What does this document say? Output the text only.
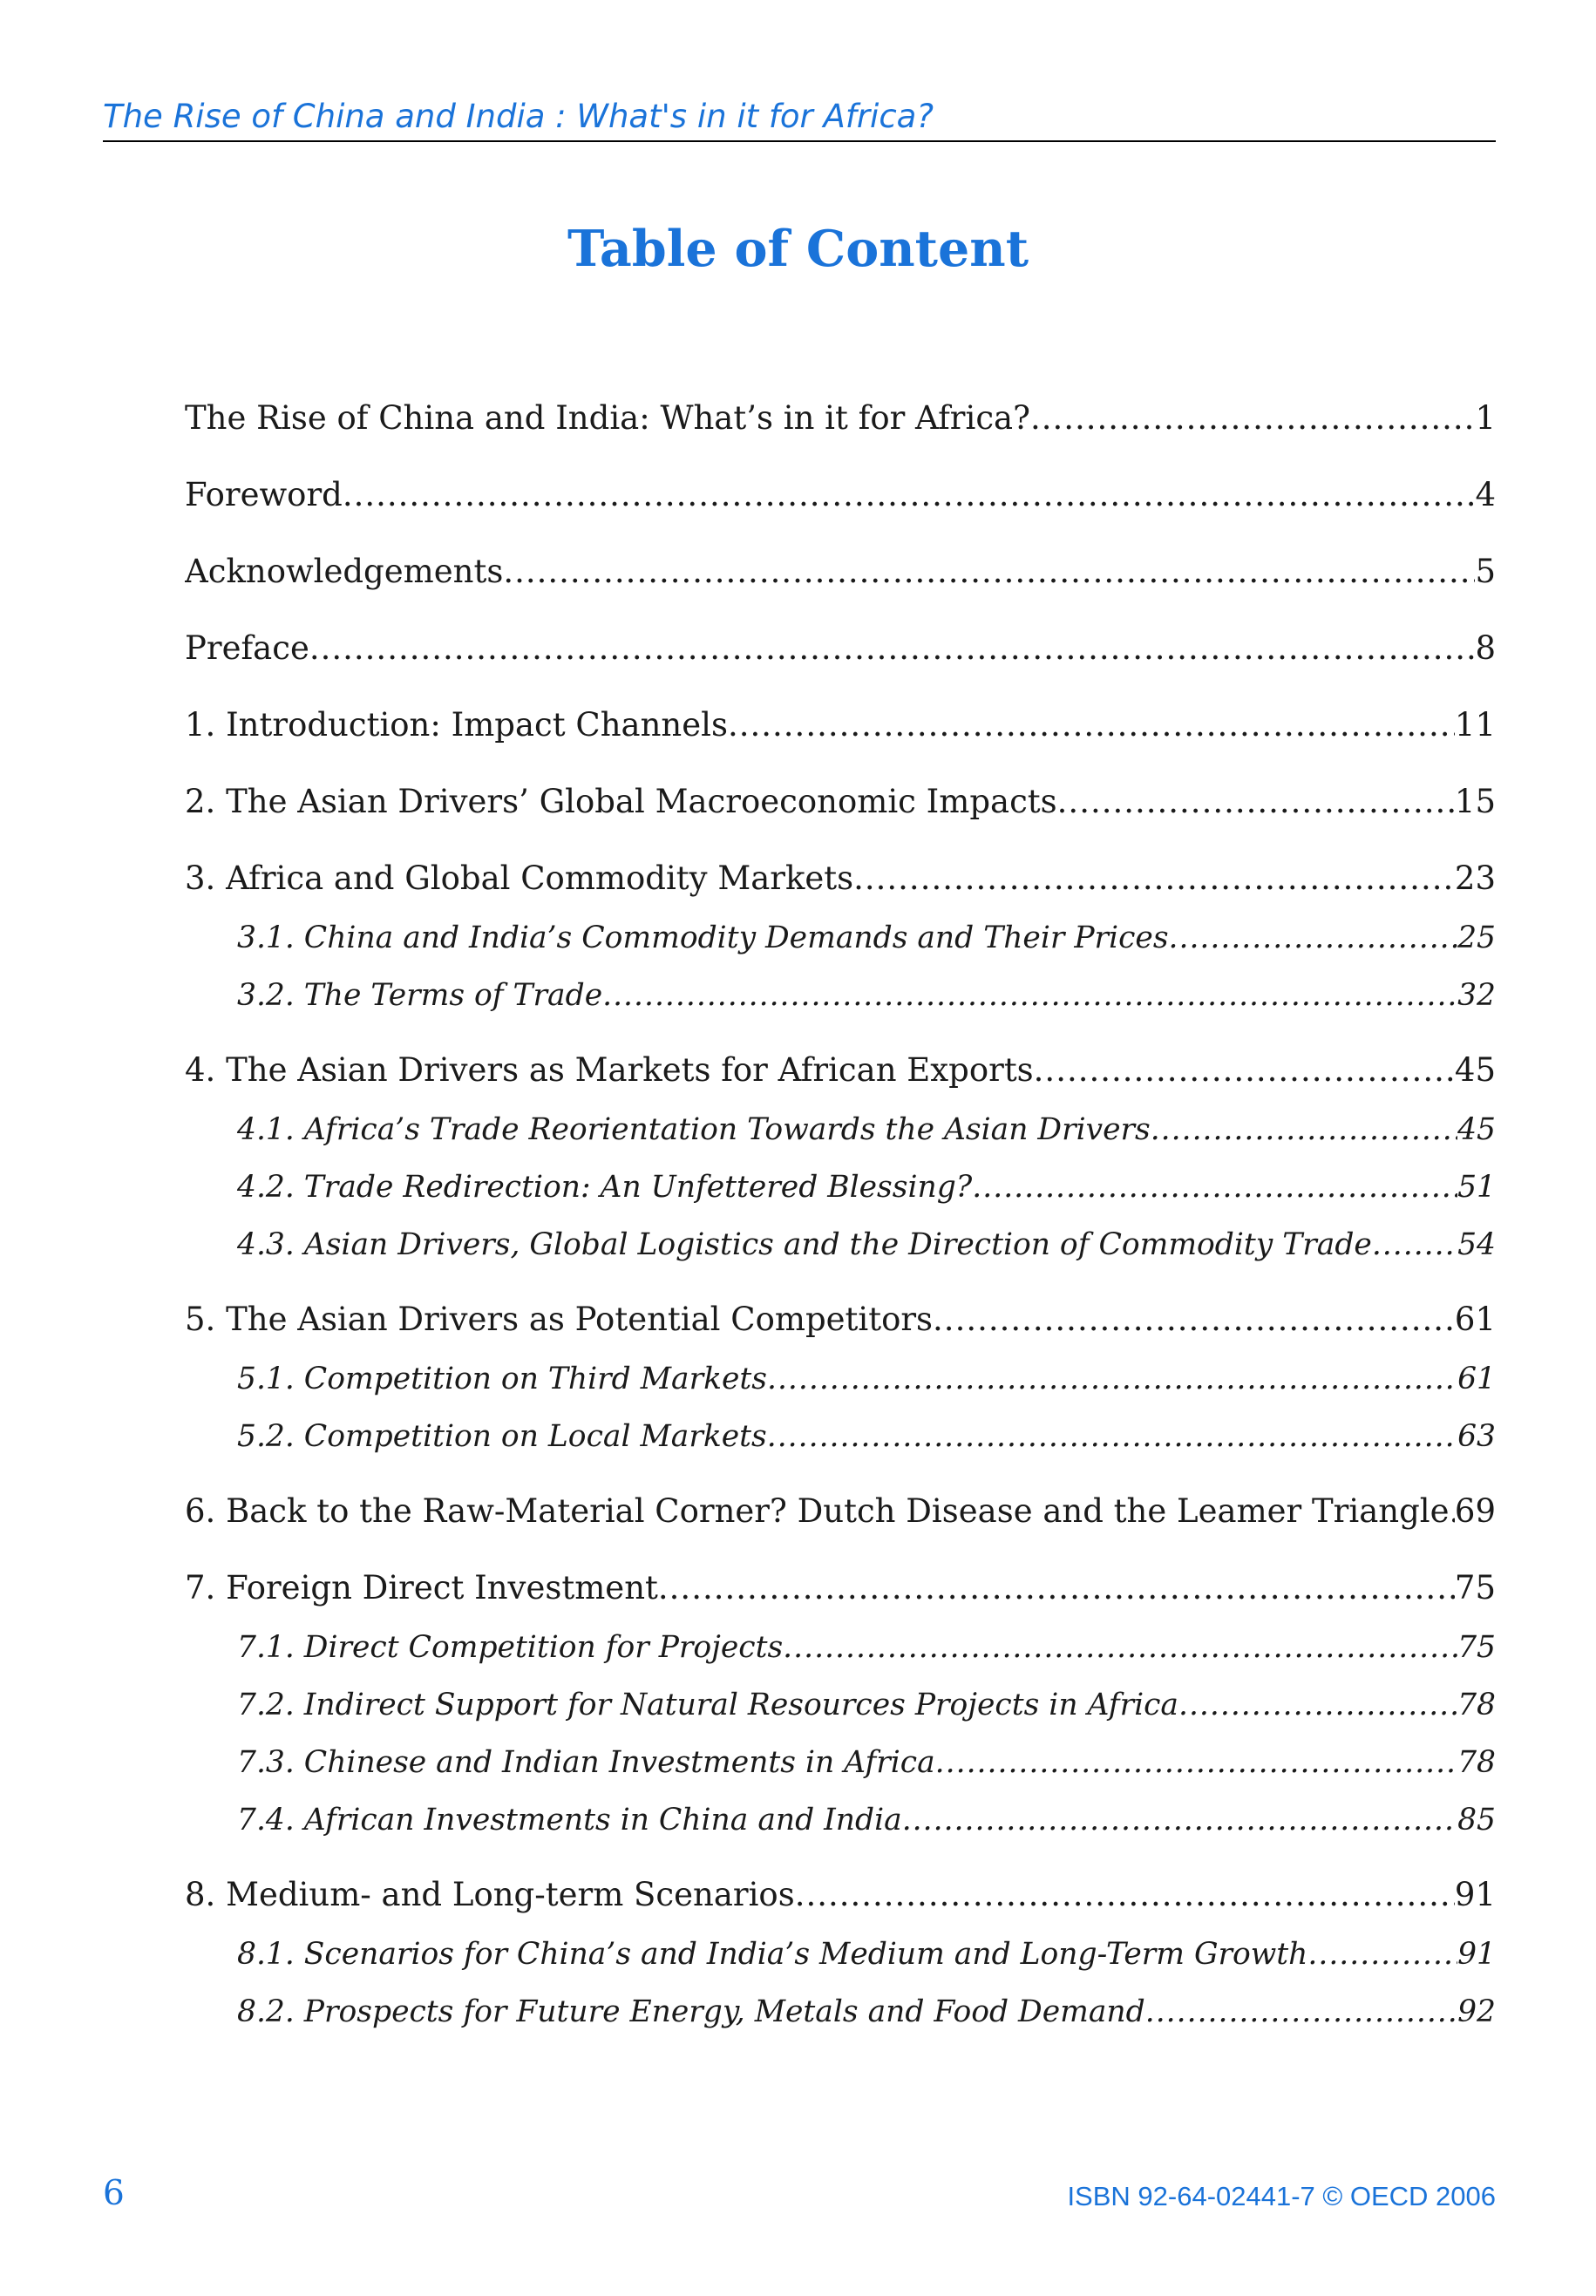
The Rise of China and India : What's in it for Africa?
Table of Content
The Rise of China and India: What’s in it for Africa? .....	1
Foreword .....	4
Acknowledgements .....	5
Preface .....	8
1. Introduction: Impact Channels .....	11
2. The Asian Drivers’ Global Macroeconomic Impacts .....	15
3. Africa and Global Commodity Markets .....	23
3.1. China and India’s Commodity Demands and Their Prices .....	25
3.2. The Terms of Trade .....	32
4. The Asian Drivers as Markets for African Exports .....	45
4.1. Africa’s Trade Reorientation Towards the Asian Drivers .....	45
4.2. Trade Redirection: An Unfettered Blessing? .....	51
4.3. Asian Drivers, Global Logistics and the Direction of Commodity Trade .....	54
5. The Asian Drivers as Potential Competitors .....	61
5.1. Competition on Third Markets .....	61
5.2. Competition on Local Markets .....	63
6. Back to the Raw-Material Corner? Dutch Disease and the Leamer Triangle ..... 69
7. Foreign Direct Investment .....	75
7.1. Direct Competition for Projects .....	75
7.2. Indirect Support for Natural Resources Projects in Africa .....	78
7.3. Chinese and Indian Investments in Africa .....	78
7.4. African Investments in China and India .....	85
8. Medium- and Long-term Scenarios .....	91
8.1. Scenarios for China’s and India’s Medium and Long-Term Growth .....	91
8.2. Prospects for Future Energy, Metals and Food Demand .....	92
6	ISBN 92-64-02441-7 © OECD 2006
